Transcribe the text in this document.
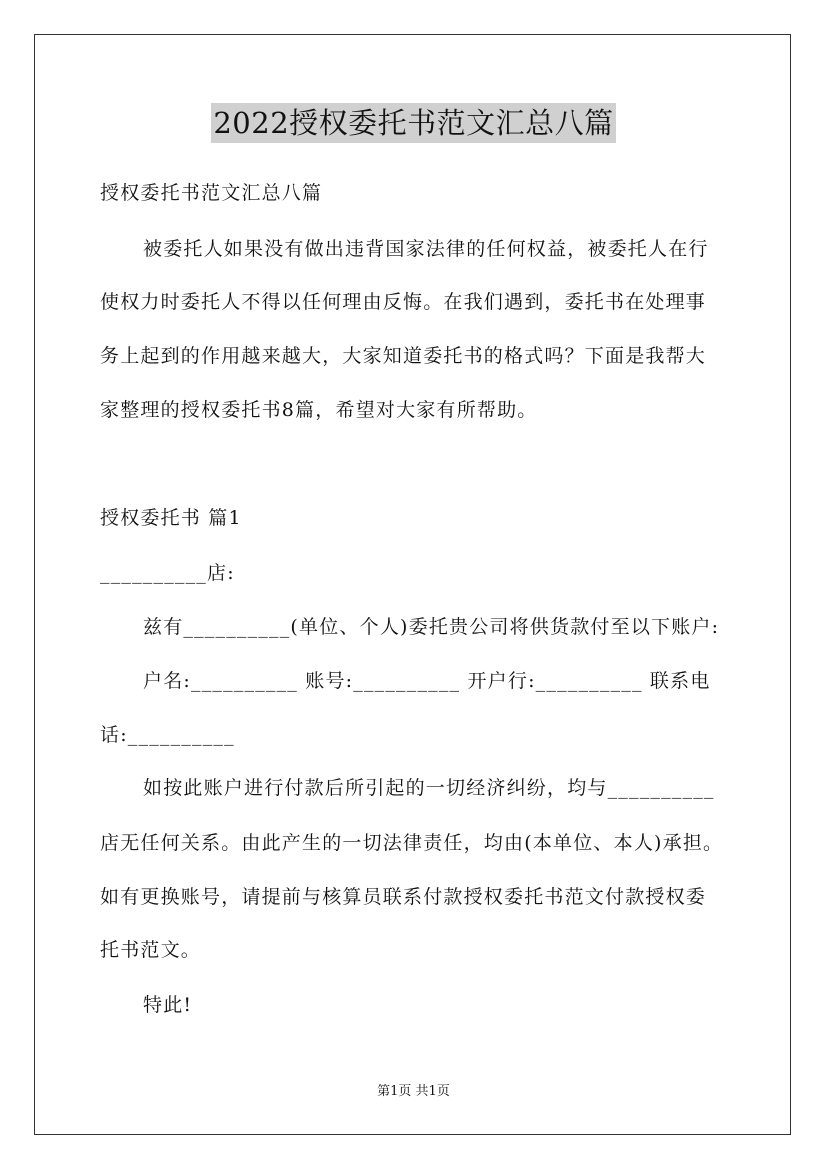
2022授权委托书范文汇总八篇
授权委托书范文汇总八篇
被委托人如果没有做出违背国家法律的任何权益，被委托人在行
使权力时委托人不得以任何理由反悔。在我们遇到，委托书在处理事
务上起到的作用越来越大，大家知道委托书的格式吗？下面是我帮大
家整理的授权委托书8篇，希望对大家有所帮助。
授权委托书 篇1
__________店:
兹有__________(单位、个人)委托贵公司将供货款付至以下账户:
户名:__________ 账号:__________ 开户行:__________ 联系电
话:__________
如按此账户进行付款后所引起的一切经济纠纷，均与__________
店无任何关系。由此产生的一切法律责任，均由(本单位、本人)承担。
如有更换账号，请提前与核算员联系付款授权委托书范文付款授权委
托书范文。
特此!
第1页 共1页
